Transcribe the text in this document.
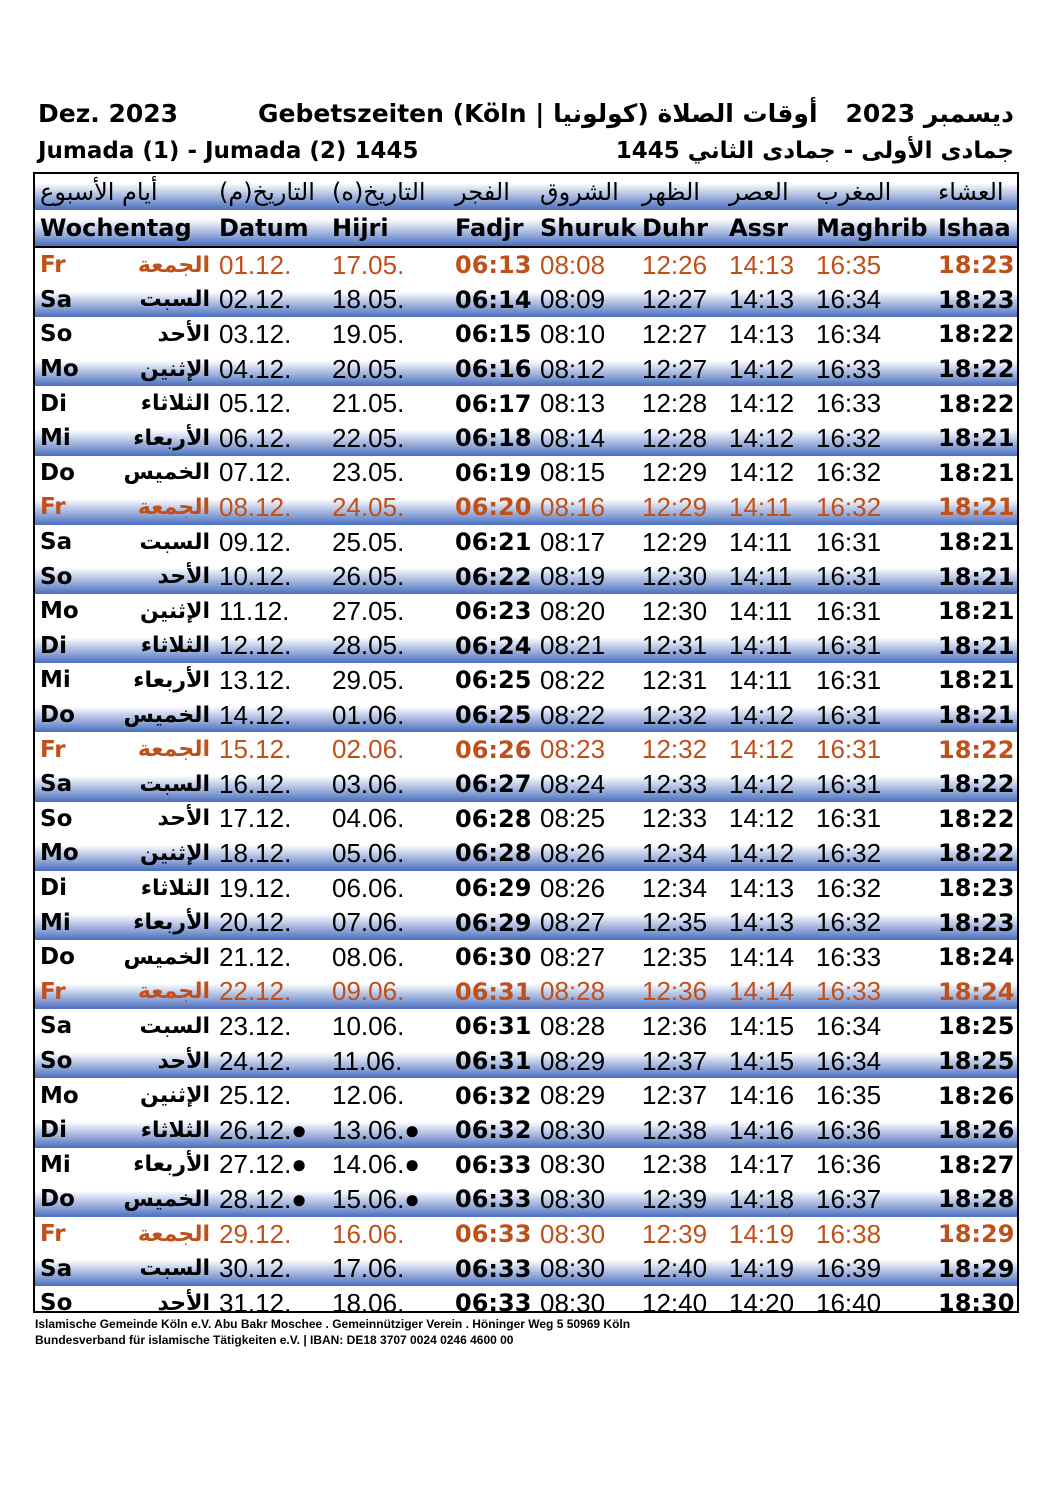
Dez. 2023	Gebetszeiten (Köln | كولونيا) أوقات الصلاة ديسمبر 2023
Jumada (1) - Jumada (2) 1445	جمادى الأولى - جمادى الثاني 1445
أيام الأسبوع	التاريخ(م) التاريخ(ه)	الفجر	الشروق الظهر	العصر	المغرب	العشاء
Wochentag	Datum Hijri	Fadjr Shuruk Duhr Assr	Maghrib Ishaa
Fr	الجمعة 01.12.	17.05.	06:13 08:08	12:26 14:13 16:35	18:23
Sa	السبت 02.12.	18.05.	06:14 08:09	12:27 14:13 16:34	18:23
So	الأحد 03.12.	19.05.	06:15 08:10	12:27 14:13 16:34	18:22
Mo	الإثنين 04.12.	20.05.	06:16 08:12	12:27 14:12 16:33	18:22
Di	الثلاثاء 05.12.	21.05.	06:17 08:13	12:28 14:12 16:33	18:22
Mi	الأربعاء 06.12.	22.05.	06:18 08:14	12:28 14:12 16:32	18:21
Do	الخميس 07.12.	23.05.	06:19 08:15	12:29 14:12 16:32	18:21
Fr	الجمعة 08.12.	24.05.	06:20 08:16	12:29 14:11 16:32	18:21
Sa	السبت 09.12.	25.05.	06:21 08:17	12:29 14:11 16:31	18:21
So	الأحد 10.12.	26.05.	06:22 08:19	12:30 14:11 16:31	18:21
Mo	الإثنين 11.12.	27.05.	06:23 08:20	12:30 14:11 16:31	18:21
Di	الثلاثاء 12.12.	28.05.	06:24 08:21	12:31 14:11 16:31	18:21
Mi	الأربعاء 13.12.	29.05.	06:25 08:22	12:31 14:11 16:31	18:21
Do	الخميس 14.12.	01.06.	06:25 08:22	12:32 14:12 16:31	18:21
Fr	الجمعة 15.12.	02.06.	06:26 08:23	12:32 14:12 16:31	18:22
Sa	السبت 16.12.	03.06.	06:27 08:24	12:33 14:12 16:31	18:22
So	الأحد 17.12.	04.06.	06:28 08:25	12:33 14:12 16:31	18:22
Mo	الإثنين 18.12.	05.06.	06:28 08:26	12:34 14:12 16:32	18:22
Di	الثلاثاء 19.12.	06.06.	06:29 08:26	12:34 14:13 16:32	18:23
Mi	الأربعاء 20.12.	07.06.	06:29 08:27	12:35 14:13 16:32	18:23
Do	الخميس 21.12.	08.06.	06:30 08:27	12:35 14:14 16:33	18:24
Fr	الجمعة 22.12.	09.06.	06:31 08:28	12:36 14:14 16:33	18:24
Sa	السبت 23.12.	10.06.	06:31 08:28	12:36 14:15 16:34	18:25
So	الأحد 24.12.	11.06.	06:31 08:29	12:37 14:15 16:34	18:25
Mo	الإثنين 25.12.	12.06.	06:32 08:29	12:37 14:16 16:35	18:26
Di	الثلاثاء 26.12.● 13.06.●	06:32 08:30	12:38 14:16 16:36	18:26
Mi	الأربعاء 27.12.● 14.06.●	06:33 08:30	12:38 14:17 16:36	18:27
Do	الخميس 28.12.● 15.06.●	06:33 08:30	12:39 14:18 16:37	18:28
Fr	الجمعة 29.12.	16.06.	06:33 08:30	12:39 14:19 16:38	18:29
Sa	السبت 30.12.	17.06.	06:33 08:30	12:40 14:19 16:39	18:29
So	الأحد 31.12.	18.06.	06:33 08:30	12:40 14:20 16:40	18:30
Islamische Gemeinde Köln e.V. Abu Bakr Moschee . Gemeinnütziger Verein . Höninger Weg 5 50969 Köln
Bundesverband für islamische Tätigkeiten e.V. | IBAN: DE18 3707 0024 0246 4600 00
